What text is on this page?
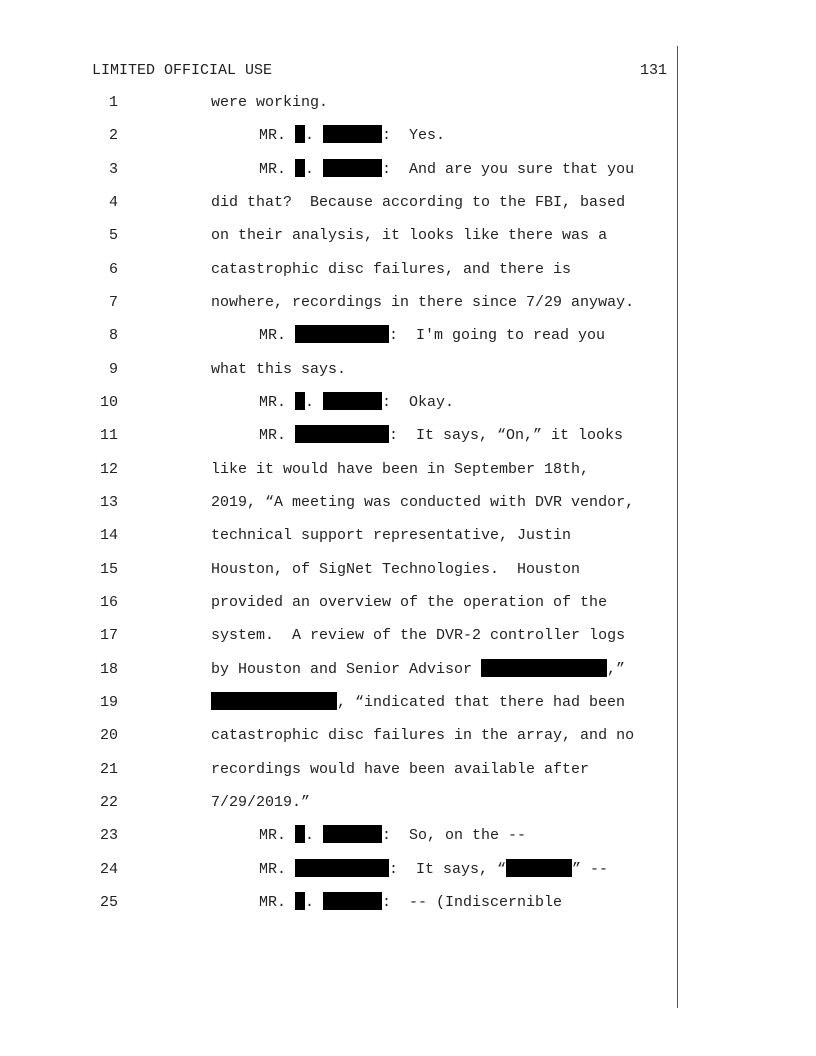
LIMITED OFFICIAL USE	131
1	were working.
2	MR. .	:  Yes.
3	MR. .	:  And are you sure that you
4	did that?  Because according to the FBI, based
5	on their analysis, it looks like there was a
6	catastrophic disc failures, and there is
7	nowhere, recordings in there since 7/29 anyway.
8	MR.	:  I'm going to read you
9	what this says.
10	MR. .	:  Okay.
11	MR.	:  It says, “On,” it looks
12	like it would have been in September 18th,
13	2019, “A meeting was conducted with DVR vendor,
14	technical support representative, Justin
15	Houston, of SigNet Technologies.  Houston
16	provided an overview of the operation of the
17	system.  A review of the DVR-2 controller logs
18	by Houston and Senior Advisor	,”
19	, “indicated that there had been
20	catastrophic disc failures in the array, and no
21	recordings would have been available after
22	7/29/2019.”
23	MR. .	:  So, on the --
24	MR.	:  It says, “	” --
25	MR. .	:  -- (Indiscernible
